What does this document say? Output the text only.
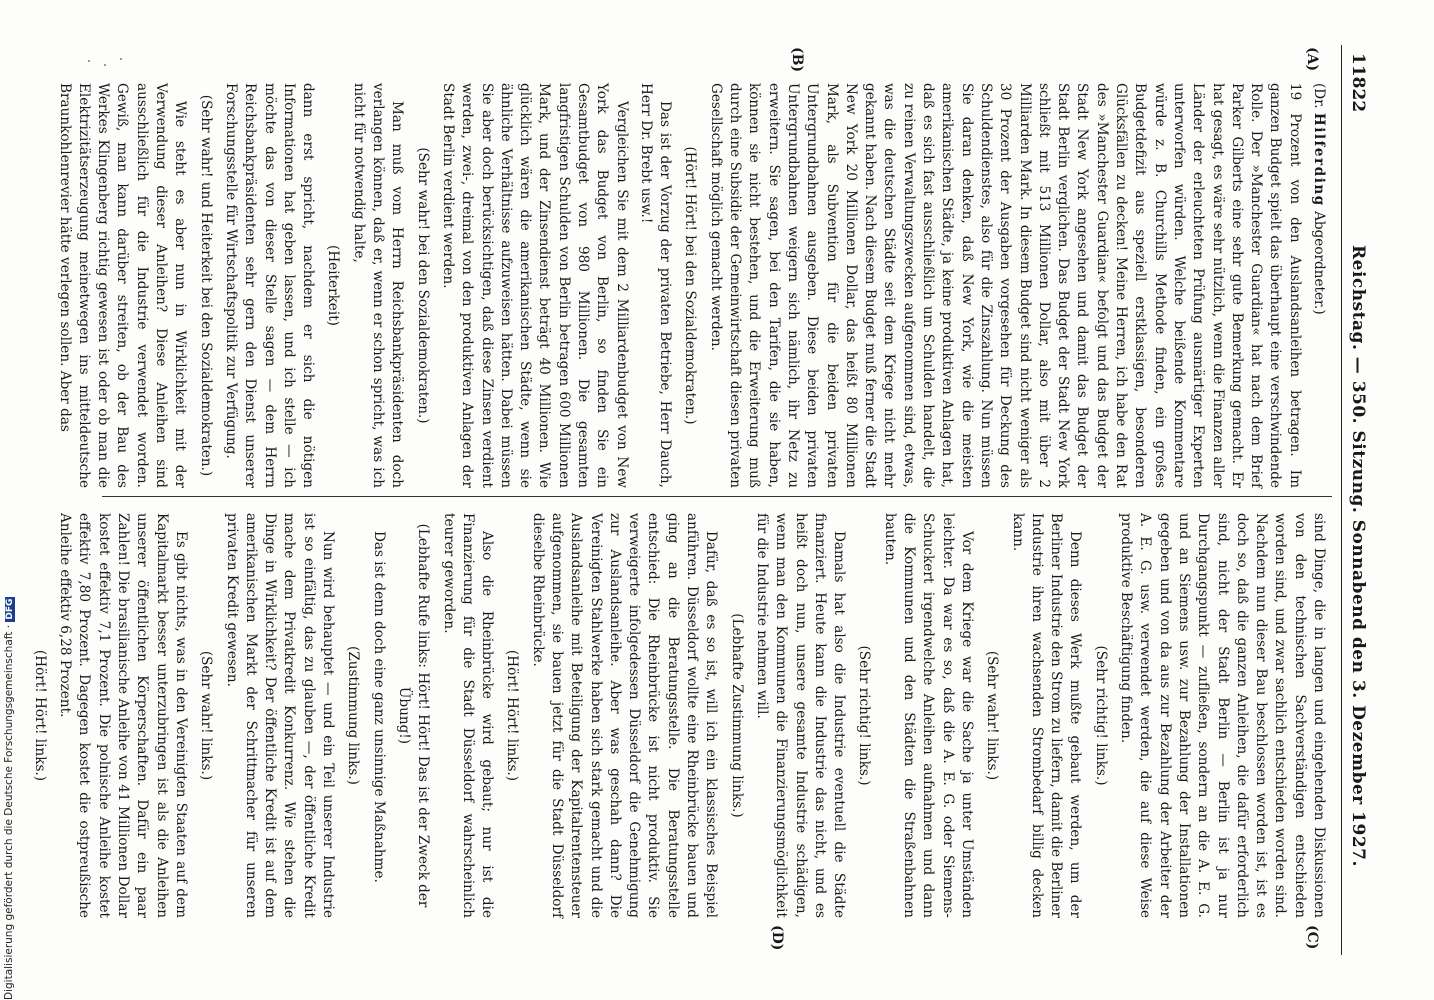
11822
Reichstag. — 350. Sitzung. Sonnabend den 3. Dezember 1927.
(A)
(B)
(C)
(D)

(Dr. Hilferding Abgeordneter.)

19 Prozent von den Auslandsanleihen betragen. Im ganzen Budget spielt das überhaupt eine verschwindende Rolle. Der »Manchester Guardian« hat nach dem Brief Parker Gilberts eine sehr gute Bemerkung gemacht. Er hat gesagt, es wäre sehr nützlich, wenn die Finanzen aller Länder der erleuchteten Prüfung ausmärtiger Experten unterworfen würden. Welche beißende Kommentare würde z. B. Churchills Methode finden, ein großes Budgetdefizit aus speziell erstklassigen, besonderen Glücksfällen zu decken! Meine Herren, ich habe den Rat des »Manchester Guardian« befolgt und das Budget der Stadt New York angesehen und damit das Budget der Stadt Berlin verglichen. Das Budget der Stadt New York schließt mit 513 Millionen Dollar, also mit über 2 Milliarden Mark. In diesem Budget sind nicht weniger als 30 Prozent der Ausgaben vorgesehen für Deckung des Schuldendienstes, also für die Zinszahlung. Nun müssen Sie daran denken, daß New York, wie die meisten amerikanischen Städte, ja keine produktiven Anlagen hat, daß es sich fast ausschließlich um Schulden handelt, die zu reinen Verwaltungszwecken aufgenommen sind, etwas, was die deutschen Städte seit dem Kriege nicht mehr gekannt haben. Nach diesem Budget muß ferner die Stadt New York 20 Millionen Dollar, das heißt 80 Millionen Mark, als Subvention für die beiden privaten Untergrundbahnen ausgeben. Diese beiden privaten Untergrundbahnen weigern sich nämlich, ihr Netz zu erweitern. Sie sagen, bei den Tarifen, die sie haben, können sie nicht bestehen, und die Erweiterung muß durch eine Subsidie der Gemeinwirtschaft diesen privaten Gesellschaft möglich gemacht werden.

(Hört! Hört! bei den Sozialdemokraten.)

Das ist der Vorzug der privaten Betriebe, Herr Dauch, Herr Dr. Brebt usw.!

Vergleichen Sie mit dem 2 Milliardenbudget von New York das Budget von Berlin, so finden Sie ein Gesamtbudget von 980 Millionen. Die gesamten langfristigen Schulden von Berlin betragen 600 Millionen Mark, und der Zinsendienst beträgt 40 Millionen. Wie glücklich wären die amerikanischen Städte, wenn sie ähnliche Verhältnisse aufzuweisen hätten. Dabei müssen Sie aber doch berücksichtigen, daß diese Zinsen verdient werden, zwei-, dreimal von den produktiven Anlagen der Stadt Berlin verdient werden.

(Sehr wahr! bei den Sozialdemokraten.)

Man muß vom Herrn Reichsbankpräsidenten doch verlangen können, daß er, wenn er schon spricht, was ich nicht für notwendig halte,

(Heiterkeit)

dann erst spricht, nachdem er sich die nötigen Informationen hat geben lassen, und ich stelle — ich möchte das von dieser Stelle sagen — dem Herrn Reichsbankpräsidenten sehr gern den Dienst unserer Forschungsstelle für Wirtschaftspolitik zur Verfügung.

(Sehr wahr! und Heiterkeit bei den Sozialdemokraten.)

Wie steht es aber nun in Wirklichkeit mit der Verwendung dieser Anleihen? Diese Anleihen sind ausschließlich für die Industrie verwendet worden. Gewiß, man kann darüber streiten, ob der Bau des Werkes Klingenberg richtig gewesen ist oder ob man die Elektrizitätserzeugung meinetwegen ins mitteldeutsche Braunkohlenrevier hätte verlegen sollen. Aber das

sind Dinge, die in langen und eingehenden Diskussionen von den technischen Sachverständigen entschieden worden sind, und zwar sachlich entschieden worden sind. Nachdem nun dieser Bau beschlossen worden ist, ist es doch so, daß die ganzen Anleihen, die dafür erforderlich sind, nicht der Stadt Berlin — Berlin ist ja nur Durchgangspunkt — zufließen, sondern an die A. E. G. und an Siemens usw. zur Bezahlung der Installationen gegeben und von da aus zur Bezahlung der Arbeiter der A. E. G. usw. verwendet werden, die auf diese Weise produktive Beschäftigung finden.

(Sehr richtig! links.)

Denn dieses Werk mußte gebaut werden, um der Berliner Industrie den Strom zu liefern, damit die Berliner Industrie ihren wachsenden Strombedarf billig decken kann.

(Sehr wahr! links.)

Vor dem Kriege war die Sache ja unter Umständen leichter. Da war es so, daß die A. E. G. oder Siemens-Schuckert irgendwelche Anleihen aufnahmen und dann die Kommunen und den Städten die Straßenbahnen bauten.

(Sehr richtig! links.)

Damals hat also die Industrie eventuell die Städte finanziert. Heute kann die Industrie das nicht, und es heißt doch nun, unsere gesamte Industrie schädigen, wenn man den Kommunen die Finanzierungsmöglichkeit für die Industrie nehmen will.

(Lebhafte Zustimmung links.)

Dafür, daß es so ist, will ich ein klassisches Beispiel anführen. Düsseldorf wollte eine Rheinbrücke bauen und ging an die Beratungsstelle. Die Beratungsstelle entschied: Die Rheinbrücke ist nicht produktiv. Sie verweigerte infolgedessen Düsseldorf die Genehmigung zur Auslandsanleihe. Aber was geschah dann? Die Vereinigten Stahlwerke haben sich stark gemacht und die Auslandsanleihe mit Beteiligung der Kapitalrentensteuer aufgenommen, sie bauen jetzt für die Stadt Düsseldorf dieselbe Rheinbrücke.

(Hört! Hört! links.)

Also die Rheinbrücke wird gebaut; nur ist die Finanzierung für die Stadt Düsseldorf wahrscheinlich teurer geworden.

(Lebhafte Rufe links: Hört! Hört! Das ist der Zweck der Übung!)

Das ist denn doch eine ganz unsinnige Maßnahme.

(Zustimmung links.)

Nun wird behauptet — und ein Teil unserer Industrie ist so einfältig, das zu glauben —, der öffentliche Kredit mache dem Privatkredit Konkurrenz. Wie stehen die Dinge in Wirklichkeit? Der öffentliche Kredit ist auf dem amerikanischen Markt der Schrittmacher für unseren privaten Kredit gewesen.

(Sehr wahr! links.)

Es gibt nichts, was in den Vereinigten Staaten auf dem Kapitalmarkt besser unterzubringen ist als die Anleihen unserer öffentlichen Körperschaften. Dafür ein paar Zahlen! Die brasilianische Anleihe von 41 Millionen Dollar kostet effektiv 7,1 Prozent. Die polnische Anleihe kostet effektiv 7,80 Prozent. Dagegen kostet die ostpreußische Anleihe effektiv 6,28 Prozent.

(Hört! Hört! links.)

Digitalisierung gefördert durch die Deutsche Forschungsgemeinschaft · DFG
